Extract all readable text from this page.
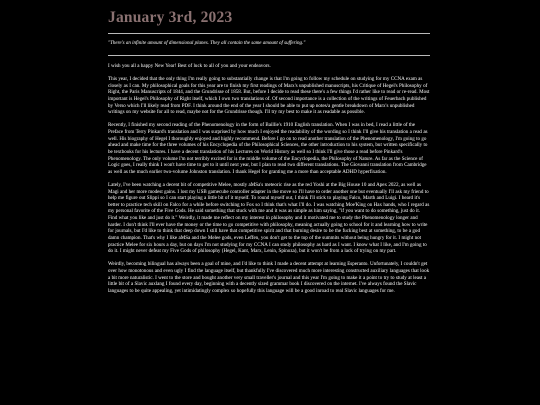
January 3rd, 2023
"There's an infinite amount of dimensional planes. They all contain the same amount of suffering."

I wish you all a happy New Year! Best of luck to all of you and your endeavors.

This year, I decided that the only thing I'm really going to substantially change is that I'm going to follow my schedule on studying for my CCNA exam as closely as I can. My philosophical goals for this year are to finish my first readings of Marx's unpublished manuscripts, his Critique of Hegel's Philosophy of Right, the Paris Manuscripts of 1844, and the Grundrisse of 1858. But, before I decide to read these there's a few things I'd rather like to read or re-read. Most important is Hegel's Philosophy of Right itself, which I own two translations of. Of second importance is a collection of the writings of Feuerbach published by Verso which I'll likely read from PDF. I think around the end of the year I should be able to put up notes/a gentle breakdown of Marx's unpublished writings on my website for all to read, maybe not for the Grundrisse though. I'll try my best to make it as readable as possible.

Recently, I finished my second reading of the Phenomenology in the form of Baillie's 1910 English translation. When I was in bed, I read a little of the Preface from Terry Pinkard's translation and I was surprised by how much I enjoyed the readability of the wording so I think I'll give his translation a read as well. His biography of Hegel I thoroughly enjoyed and highly recommend. Before I go on to read another translation of the Phenomenology, I'm going to go ahead and make time for the three volumes of his Encyclopedia of the Philosophical Sciences, the other introduction to his system, but written specifically to be textbooks for his lectures. I have a decent translation of his Lectures on World History as well so I think I'll give those a read before Pinkard's Phenomenology. The only volume I'm not terribly excited for is the middle volume of the Encyclopedia, the Philosophy of Nature. As far as the Science of Logic goes, I really think I won't have time to get to it until next year, but I plan to read two different translations. The Giovanni translation from Cambridge as well as the much earlier two-volume Johnston translation. I thank Hegel for granting me a more than acceptable ADHD hyperfixation.

Lately, I've been watching a decent bit of competitive Melee, mostly aMSa's meteoric rise as the red Yoshi at the Big House 10 and Apex 2022, as well as Magi and her more modest gains. I lost my USB gamecube controller adapter in the move so I'll have to order another one but eventually I'll ask my friend to help me figure out Slippi so I can start playing a little bit of it myself. To round myself out, I think I'll stick to playing Falco, Marth and Luigi. I heard it's better to practice tech skill on Falco for a while before switching to Fox so I think that's what I'll do. I was watching Moe'King on Hax hands, who I regard as my personal favorite of the Five Gods. He said something that stuck with me and it was as simple as him saying, "if you want to do something, just do it. Find what you like and just do it." Weirdly, it made me reflect on my interest in philosophy and it motivated me to study the Phenomenology longer and harder. I don't think I'll ever have the money or the time to go competitive with philosophy, meaning actually going to school for it and learning how to write for journals, but I'd like to think that deep down I still have that competitive spirit and that burning desire to be the fucking best at something, to be a god damn champion. That's why I like aMSa and the Melee gods, even Leffen, you don't get to the top of the summits without being hungry for it. I might not practice Melee for six hours a day, but on days I'm not studying for my CCNA I can study philosophy as hard as I want. I know what I like, and I'm going to do it. I might never defeat my Five Gods of philosophy (Hegel, Kant, Marx, Lenin, Spinoza), but it won't be from a lack of trying on my part.

Weirdly, becoming bilingual has always been a goal of mine, and I'd like to think I made a decent attempt at learning Esperanto. Unfortunately, I couldn't get over how monotonous and even ugly I find the language itself, but thankfully I've discovered much more interesting constructed auxiliary languages that look a bit more naturalistic. I went to the store and bought another very small traveller's journal and this year I'm going to make it a point to try to study at least a little bit of a Slavic auxlang I found every day, beginning with a decently sized grammar book I discovered on the internet. I've always found the Slavic languages to be quite appealing, yet intimidatingly complex so hopefully this language will be a good inroad to real Slavic languages for me.
